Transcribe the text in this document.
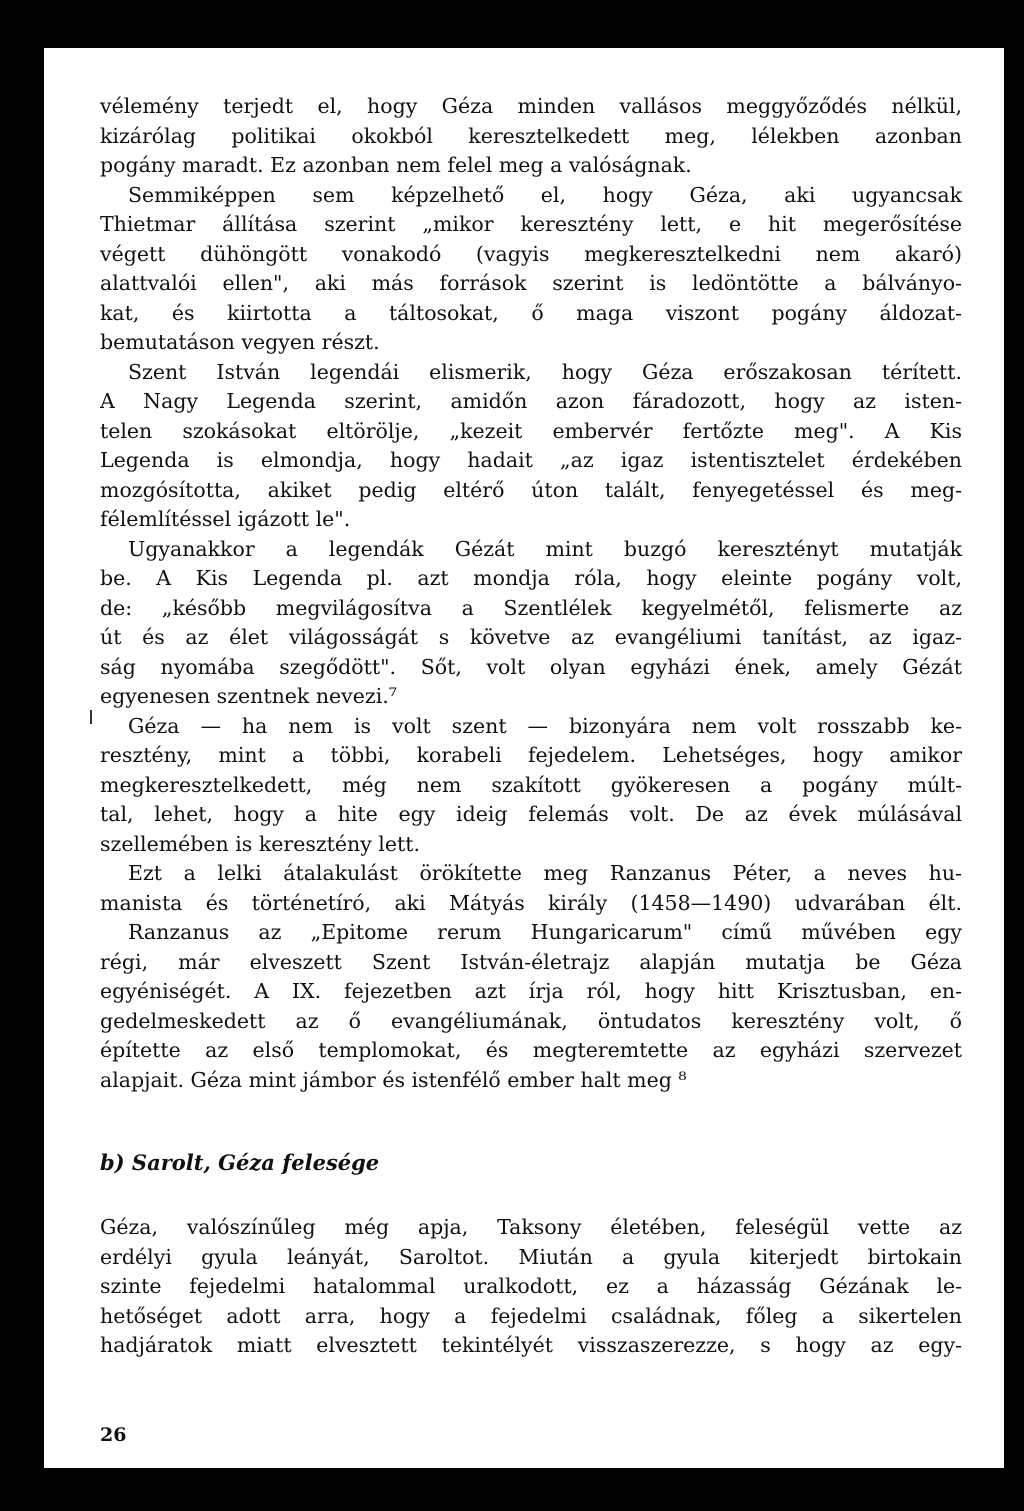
vélemény terjedt el, hogy Géza minden vallásos meggyőződés nélkül,
kizárólag politikai okokból keresztelkedett meg, lélekben azonban
pogány maradt. Ez azonban nem felel meg a valóságnak.
Semmiképpen sem képzelhető el, hogy Géza, aki ugyancsak
Thietmar állítása szerint „mikor keresztény lett, e hit megerősítése
végett dühöngött vonakodó (vagyis megkeresztelkedni nem akaró)
alattvalói ellen", aki más források szerint is ledöntötte a bálványo-
kat, és kiirtotta a táltosokat, ő maga viszont pogány áldozat-
bemutatáson vegyen részt.
Szent István legendái elismerik, hogy Géza erőszakosan térített.
A Nagy Legenda szerint, amidőn azon fáradozott, hogy az isten-
telen szokásokat eltörölje, „kezeit embervér fertőzte meg". A Kis
Legenda is elmondja, hogy hadait „az igaz istentisztelet érdekében
mozgósította, akiket pedig eltérő úton talált, fenyegetéssel és meg-
félemlítéssel igázott le".
Ugyanakkor a legendák Gézát mint buzgó keresztényt mutatják
be. A Kis Legenda pl. azt mondja róla, hogy eleinte pogány volt,
de: „később megvilágosítva a Szentlélek kegyelmétől, felismerte az
út és az élet világosságát s követve az evangéliumi tanítást, az igaz-
ság nyomába szegődött". Sőt, volt olyan egyházi ének, amely Gézát
egyenesen szentnek nevezi.⁷
Géza — ha nem is volt szent — bizonyára nem volt rosszabb ke-
resztény, mint a többi, korabeli fejedelem. Lehetséges, hogy amikor
megkeresztelkedett, még nem szakított gyökeresen a pogány múlt-
tal, lehet, hogy a hite egy ideig felemás volt. De az évek múlásával
szellemében is keresztény lett.
Ezt a lelki átalakulást örökítette meg Ranzanus Péter, a neves hu-
manista és történetíró, aki Mátyás király (1458—1490) udvarában élt.
Ranzanus az „Epitome rerum Hungaricarum" című művében egy
régi, már elveszett Szent István-életrajz alapján mutatja be Géza
egyéniségét. A IX. fejezetben azt írja ról, hogy hitt Krisztusban, en-
gedelmeskedett az ő evangéliumának, öntudatos keresztény volt, ő
építette az első templomokat, és megteremtette az egyházi szervezet
alapjait. Géza mint jámbor és istenfélő ember halt meg ⁸
b) Sarolt, Géza felesége
Géza, valószínűleg még apja, Taksony életében, feleségül vette az
erdélyi gyula leányát, Saroltot. Miután a gyula kiterjedt birtokain
szinte fejedelmi hatalommal uralkodott, ez a házasság Gézának le-
hetőséget adott arra, hogy a fejedelmi családnak, főleg a sikertelen
hadjáratok miatt elvesztett tekintélyét visszaszerezze, s hogy az egy-
26
